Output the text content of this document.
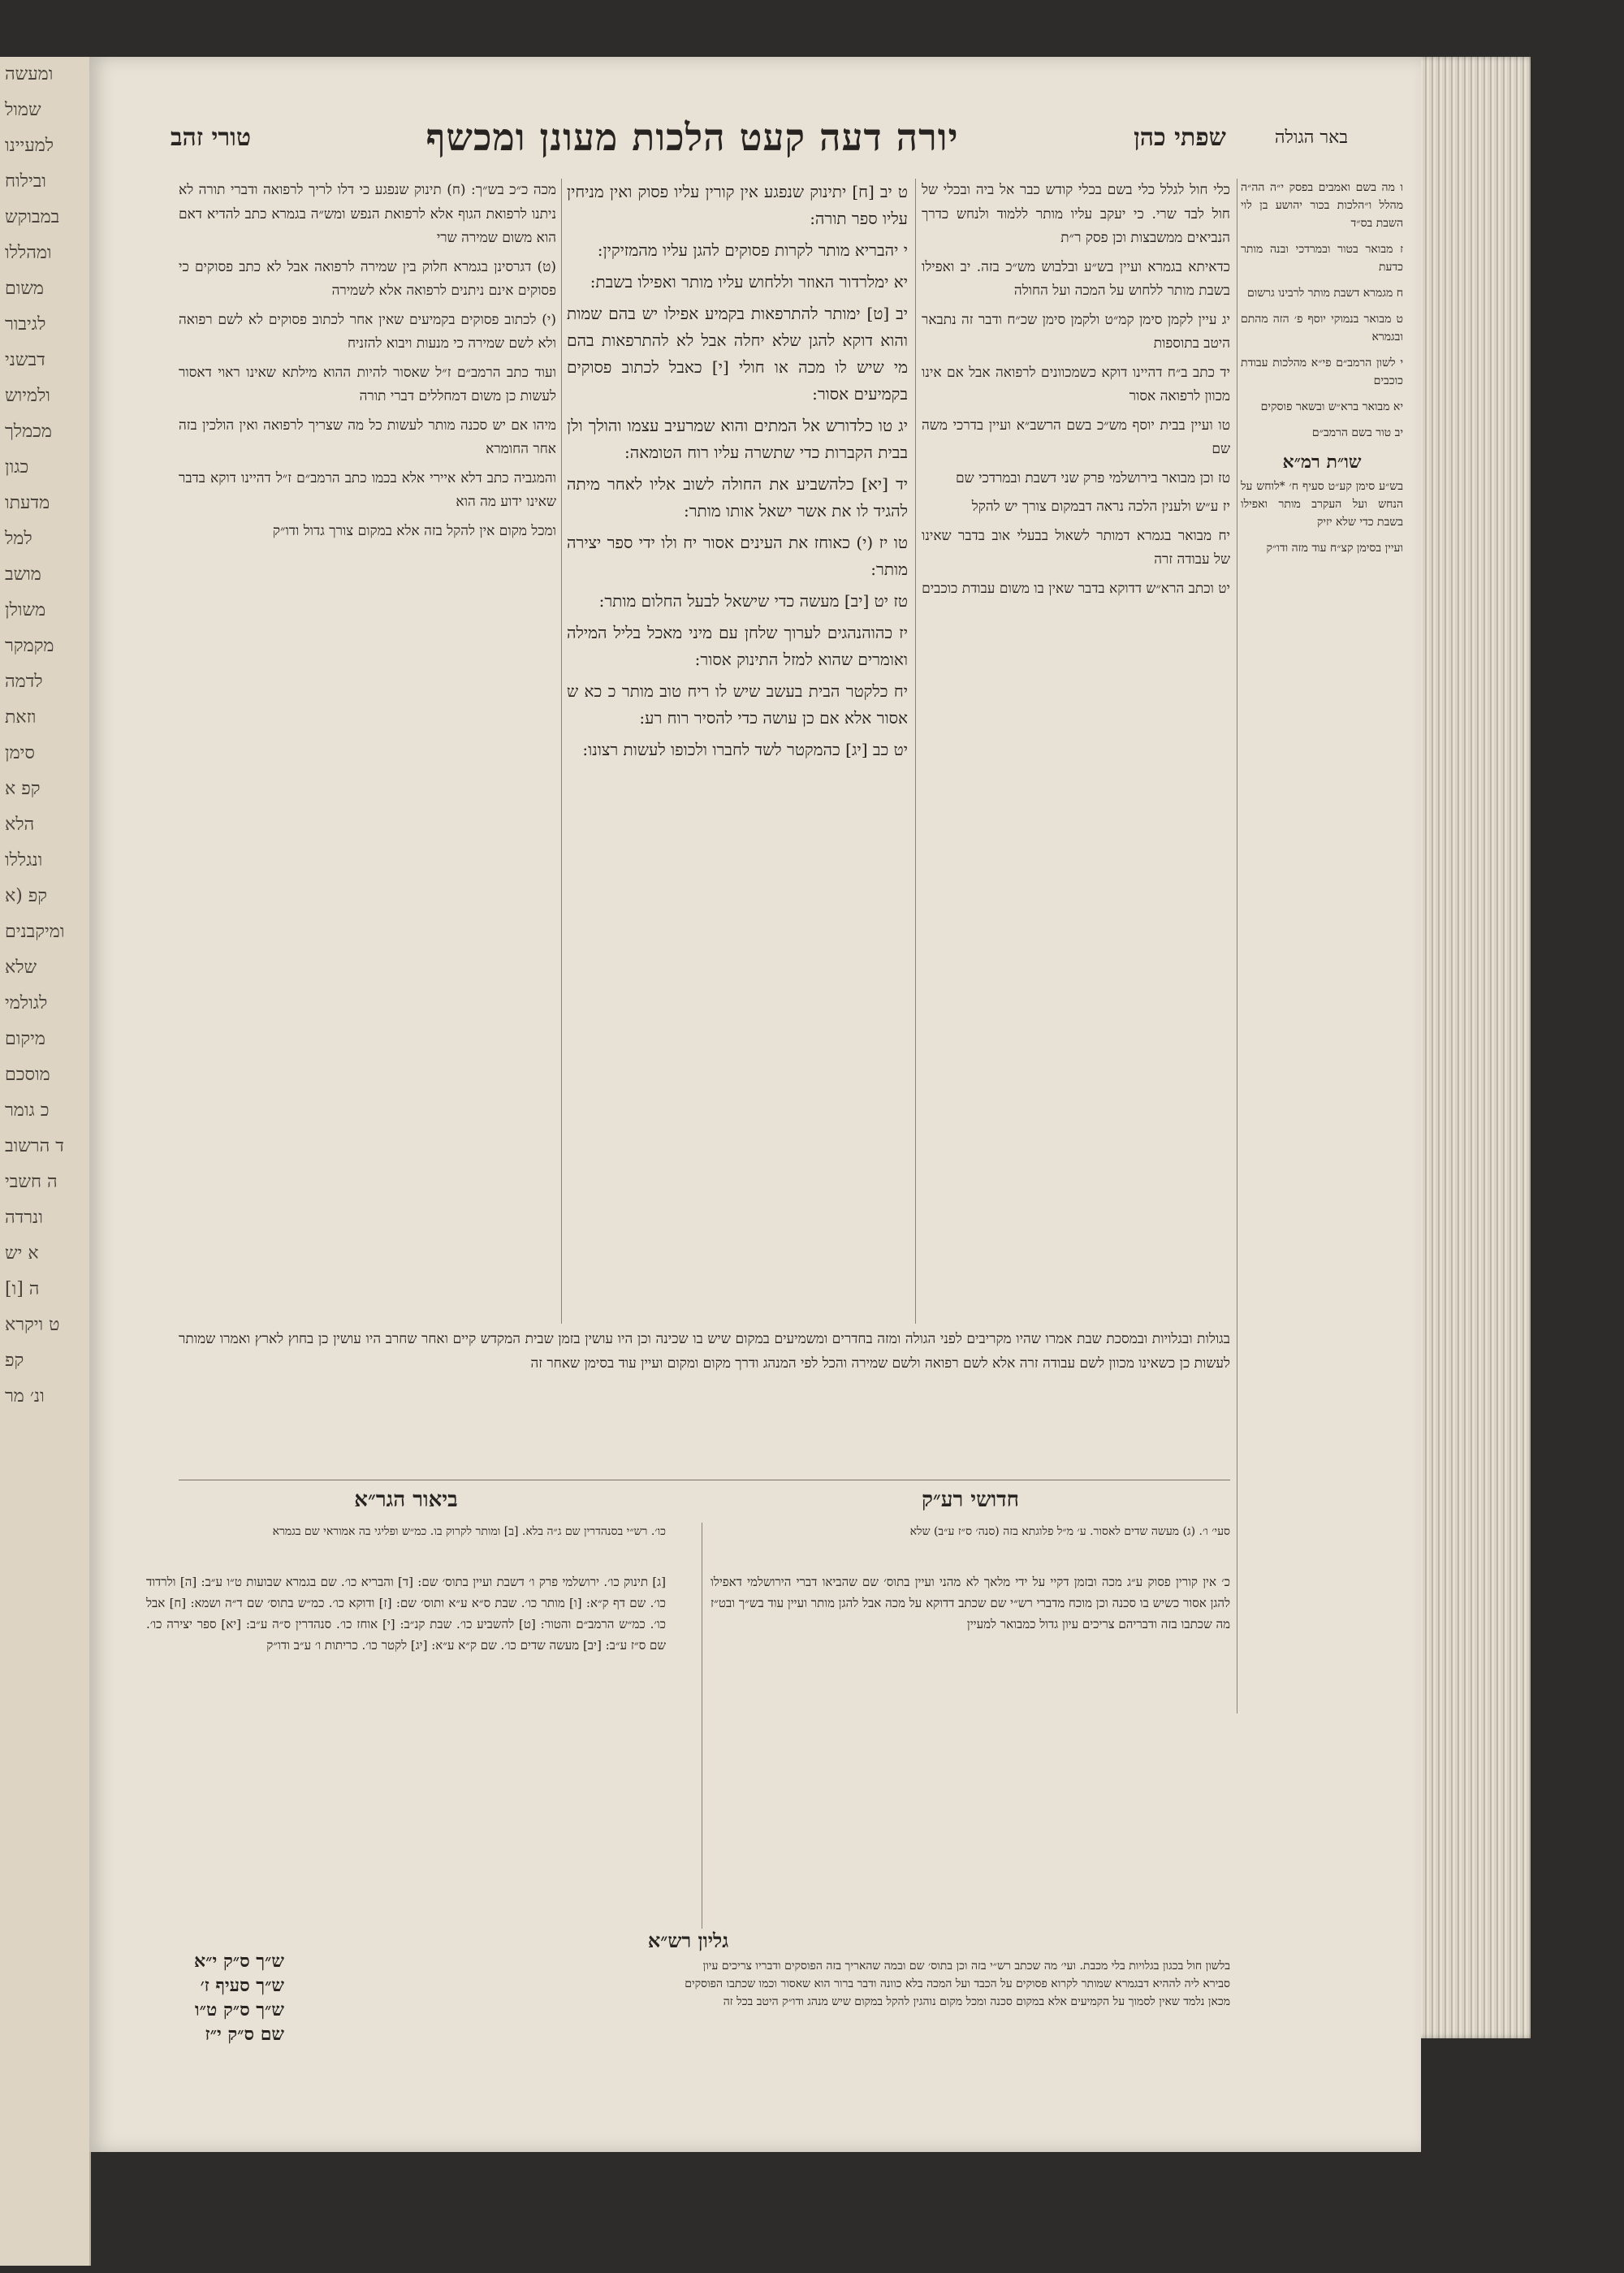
ומעשה
שמול
למעיינו
ובילוח
במבוקש
ומהללו
משום
לגיבור
דבשני
ולמיוש
מכמלך
כגון
מדעתו
למל
מושב
משולן
מקמקר
לדמה
וזאת
סימן
קפ א
הלא
ונגללו
קפ (א
ומיקבנים
שלא
לגולמי
מיקום
מוסכם
כ גומר
ד הרשוב
ה חשבי
ונרדה
א יש
ה [ו]
ט ויקרא
קפ
ונ׳ מר
באר הגולה
שפתי כהן
יורה דעה קעט הלכות מעונן ומכשף
טורי זהב

ו מה בשם ואמבים בפסק י״ה הה״ה מהלל ו״הלכות בכור יהושע בן לוי השבת בס״ד

ז מבואר בטור ובמרדכי ובנה מותר כדעת

ח מגמרא דשבת מותר לרבינו גרשום

ט מבואר בנמוקי יוסף פ׳ הזה מהתם ובגמרא

י לשון הרמב״ם פי״א מהלכות עבודת כוכבים

יא מבואר ברא״ש ובשאר פוסקים

יב טור בשם הרמב״ם

שו״ת רמ״א

בש״ע סימן קע״ט סעיף ח׳ *לוחש על הנחש ועל העקרב מותר ואפילו בשבת כדי שלא יזיק

ועיין בסימן קצ״ח עוד מזה ודו״ק

כלי חול לגלל כלי בשם בכלי קודש כבר אל ביה ובכלי של חול לבד שרי. כי יעקב עליו מותר ללמוד ולנחש כדרך הנביאים ממשבצות וכן פסק ר״ת

כדאיתא בגמרא ועיין בש״ע ובלבוש מש״כ בזה. יב ואפילו בשבת מותר ללחוש על המכה ועל החולה

יג עיין לקמן סימן קמ״ט ולקמן סימן שכ״ח ודבר זה נתבאר היטב בתוספות

יד כתב ב״ח דהיינו דוקא כשמכוונים לרפואה אבל אם אינו מכוון לרפואה אסור

טו ועיין בבית יוסף מש״כ בשם הרשב״א ועיין בדרכי משה שם

טז וכן מבואר בירושלמי פרק שני דשבת ובמרדכי שם

יז ע״ש ולענין הלכה נראה דבמקום צורך יש להקל

יח מבואר בגמרא דמותר לשאול בבעלי אוב בדבר שאינו של עבודה זרה

יט וכתב הרא״ש דדוקא בדבר שאין בו משום עבודת כוכבים

ט יב [ח] יתינוק שנפגע אין קורין עליו פסוק ואין מניחין עליו ספר תורה:

י יהבריא מותר לקרות פסוקים להגן עליו מהמזיקין:

יא ימלרדור האוזר וללחוש עליו מותר ואפילו בשבת:

יב [ט] ימותר להתרפאות בקמיע אפילו יש בהם שמות והוא דוקא להגן שלא יחלה אבל לא להתרפאות בהם מי שיש לו מכה או חולי [י] כאבל לכתוב פסוקים בקמיעים אסור:

יג טו כלדורש אל המתים והוא שמרעיב עצמו והולך ולן בבית הקברות כדי שתשרה עליו רוח הטומאה:

יד [יא] כלהשביע את החולה לשוב אליו לאחר מיתה להגיד לו את אשר ישאל אותו מותר:

טו יז (י) כאוחז את העינים אסור יח ולו ידי ספר יצירה מותר:

טז יט [יב] מעשה כדי שישאל לבעל החלום מותר:

יז כהוהנהגים לערוך שלחן עם מיני מאכל בליל המילה ואומרים שהוא למזל התינוק אסור:

יח כלקטר הבית בעשב שיש לו ריח טוב מותר כ כא ש אסור אלא אם כן עושה כדי להסיר רוח רע:

יט כב [יג] כהמקטר לשד לחברו ולכופו לעשות רצונו:

מכה כ״כ בש״ך: (ח) תינוק שנפגע כי דלו לריך לרפואה ודברי תורה לא ניתנו לרפואת הגוף אלא לרפואת הנפש ומש״ה בגמרא כתב להדיא דאם הוא משום שמירה שרי

(ט) דגרסינן בגמרא חלוק בין שמירה לרפואה אבל לא כתב פסוקים כי פסוקים אינם ניתנים לרפואה אלא לשמירה

(י) לכתוב פסוקים בקמיעים שאין אחר לכתוב פסוקים לא לשם רפואה ולא לשם שמירה כי מנעות ויבוא להזניח

ועוד כתב הרמב״ם ז״ל שאסור להיות ההוא מילתא שאינו ראוי דאסור לעשות כן משום דמחללים דברי תורה

מיהו אם יש סכנה מותר לעשות כל מה שצריך לרפואה ואין הולכין בזה אחר החומרא

והמגביה כתב דלא איירי אלא בכמו כתב הרמב״ם ז״ל דהיינו דוקא בדבר שאינו ידוע מה הוא

ומכל מקום אין להקל בזה אלא במקום צורך גדול ודו״ק

בגולות ובגלויות ובמסכת שבת אמרו שהיו מקריבים לפני הגולה ומזה בחדרים ומשמיעים במקום שיש בו שכינה וכן היו עושין בזמן שבית המקדש קיים ואחר שחרב היו עושין כן בחוץ לארץ ואמרו שמותר לעשות כן כשאינו מכוון לשם עבודה זרה אלא לשם רפואה ולשם שמירה והכל לפי המנהג ודרך מקום ומקום ועיין עוד בסימן שאחר זה
חדושי רע״ק
ביאור הגר״א
סעי׳ ו׳. (ג) מעשה שדים לאסור. ע׳ מ״ל פלוגתא בזה (סנה׳ ס״ז ע״ב) שלא
כו׳. רש״י בסנהדרין שם ג״ה בלא. [ב] ומותר לקרוק בו. כמ״ש ופליגי בה אמוראי שם בגמרא
כ׳ אין קורין פסוק ע״ג מכה ובזמן דקיי על ידי מלאך לא מהני ועיין בתוס׳ שם שהביאו דברי הירושלמי דאפילו להגן אסור כשיש בו סכנה וכן מוכח מדברי רש״י שם שכתב דדוקא על מכה אבל להגן מותר ועיין עוד בש״ך ובט״ז מה שכתבו בזה ודבריהם צריכים עיון גדול כמבואר למעיין
[ג] תינוק כו׳. ירושלמי פרק ו׳ דשבת ועיין בתוס׳ שם: [ד] והבריא כו׳. שם בגמרא שבועות ט״ו ע״ב: [ה] ולרדוד כו׳. שם דף ק״א: [ו] מותר כו׳. שבת ס״א ע״א ותוס׳ שם: [ז] ודוקא כו׳. כמ״ש בתוס׳ שם ד״ה ושמא: [ח] אבל כו׳. כמ״ש הרמב״ם והטור: [ט] להשביע כו׳. שבת קנ״ב: [י] אוחז כו׳. סנהדרין ס״ה ע״ב: [יא] ספר יצירה כו׳. שם ס״ז ע״ב: [יב] מעשה שדים כו׳. שם ק״א ע״א: [יג] לקטר כו׳. כריתות ו׳ ע״ב ודו״ק
גליון רש״א
בלשון חול בכגון בגלויות בלי מכבת. ועי׳ מה שכתב רש״י בזה וכן בתוס׳ שם ובמה שהאריך בזה הפוסקים ודבריו צריכים עיון
סבירא ליה לההיא דבגמרא שמותר לקרוא פסוקים על הכבד ועל המכה בלא כוונה ודבר ברור הוא שאסור וכמו שכתבו הפוסקים
מכאן נלמד שאין לסמוך על הקמיעים אלא במקום סכנה ומכל מקום נוהגין להקל במקום שיש מנהג ודו״ק היטב בכל זה
ש״ך ס״ק י״א
ש״ך סעיף ז׳
ש״ך ס״ק ט״ו
שם ס״ק י״ז
